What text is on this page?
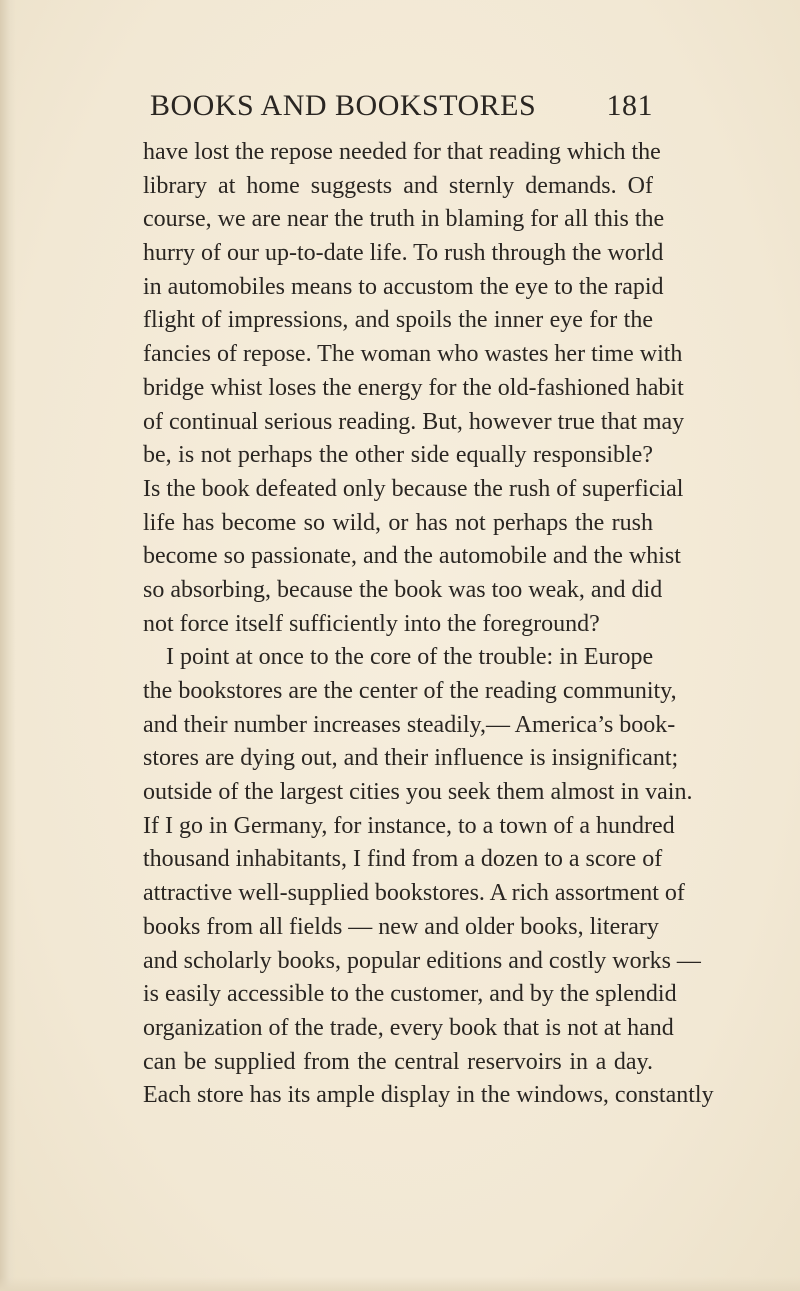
BOOKS AND BOOKSTORES 181
have lost the repose needed for that reading which the
library at home suggests and sternly demands. Of
course, we are near the truth in blaming for all this the
hurry of our up-to-date life. To rush through the world
in automobiles means to accustom the eye to the rapid
flight of impressions, and spoils the inner eye for the
fancies of repose. The woman who wastes her time with
bridge whist loses the energy for the old-fashioned habit
of continual serious reading. But, however true that may
be, is not perhaps the other side equally responsible?
Is the book defeated only because the rush of superficial
life has become so wild, or has not perhaps the rush
become so passionate, and the automobile and the whist
so absorbing, because the book was too weak, and did
not force itself sufficiently into the foreground?
I point at once to the core of the trouble: in Europe
the bookstores are the center of the reading community,
and their number increases steadily,— America’s book-
stores are dying out, and their influence is insignificant;
outside of the largest cities you seek them almost in vain.
If I go in Germany, for instance, to a town of a hundred
thousand inhabitants, I find from a dozen to a score of
attractive well-supplied bookstores. A rich assortment of
books from all fields — new and older books, literary
and scholarly books, popular editions and costly works —
is easily accessible to the customer, and by the splendid
organization of the trade, every book that is not at hand
can be supplied from the central reservoirs in a day.
Each store has its ample display in the windows, constantly
